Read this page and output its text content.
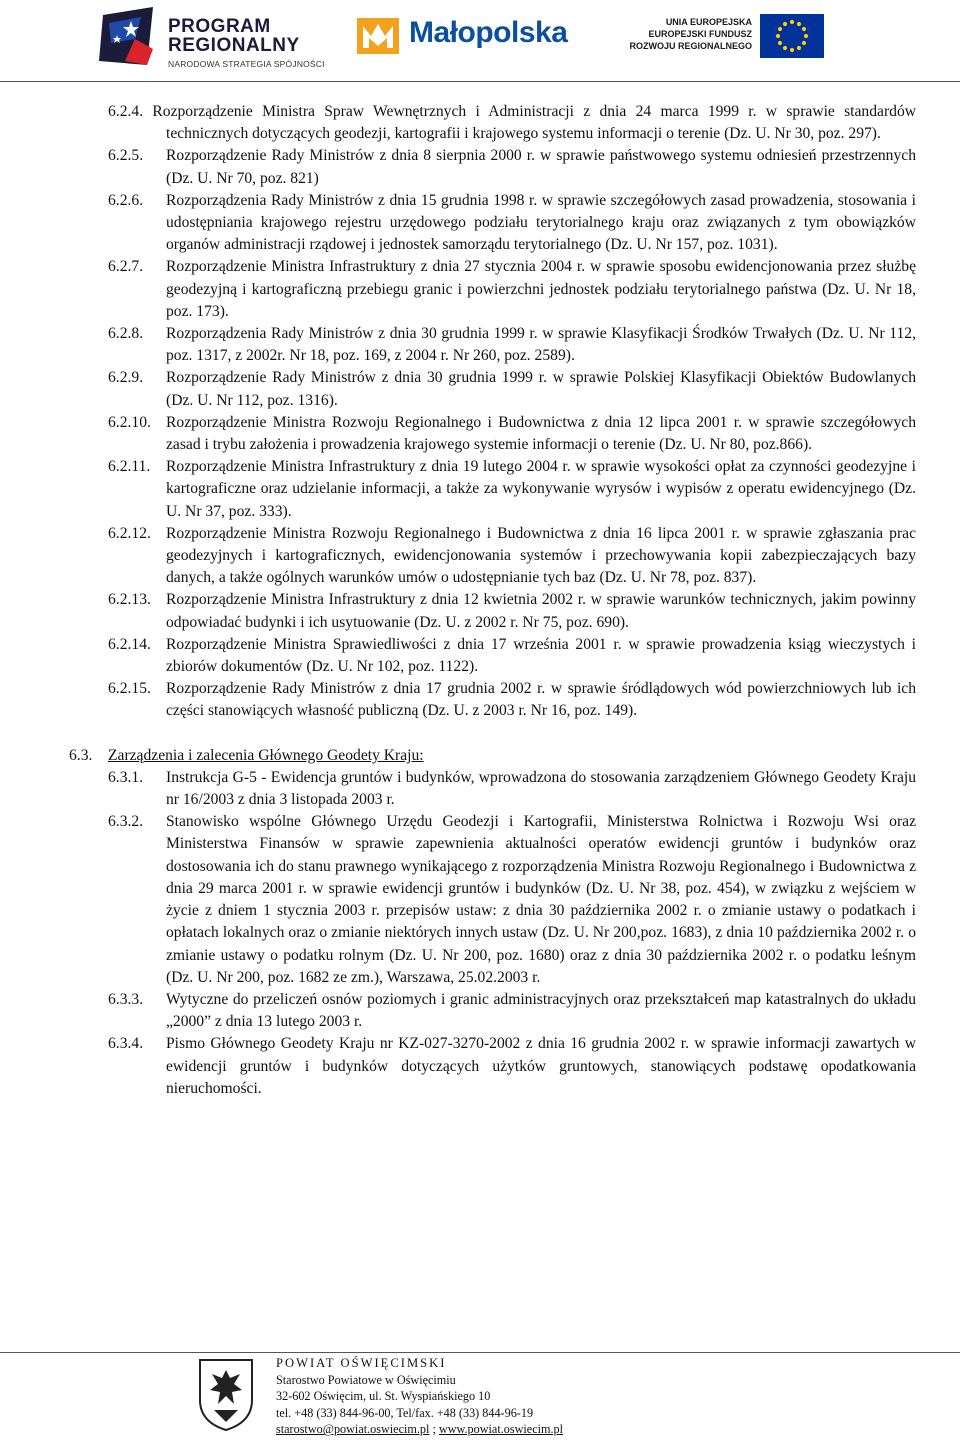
PROGRAM
REGIONALNY
NARODOWA STRATEGIA SPÓJNOŚCI
Małopolska	UNIA EUROPEJSKA
EUROPEJSKI FUNDUSZ
ROZWOJU REGIONALNEGO
6.2.4. Rozporządzenie Ministra Spraw Wewnętrznych i Administracji z dnia 24 marca 1999 r. w sprawie standardów technicznych dotyczących geodezji, kartografii i krajowego systemu informacji o terenie (Dz. U. Nr 30, poz. 297).
6.2.5. Rozporządzenie Rady Ministrów z dnia 8 sierpnia 2000 r. w sprawie państwowego systemu odniesień przestrzennych (Dz. U. Nr 70, poz. 821)
6.2.6. Rozporządzenia Rady Ministrów z dnia 15 grudnia 1998 r. w sprawie szczegółowych zasad prowadzenia, stosowania i udostępniania krajowego rejestru urzędowego podziału terytorialnego kraju oraz związanych z tym obowiązków organów administracji rządowej i jednostek samorządu terytorialnego (Dz. U. Nr 157, poz. 1031).
6.2.7. Rozporządzenie Ministra Infrastruktury z dnia 27 stycznia 2004 r. w sprawie sposobu ewidencjonowania przez służbę geodezyjną i kartograficzną przebiegu granic i powierzchni jednostek podziału terytorialnego państwa (Dz. U. Nr 18, poz. 173).
6.2.8. Rozporządzenia Rady Ministrów z dnia 30 grudnia 1999 r. w sprawie Klasyfikacji Środków Trwałych (Dz. U. Nr 112, poz. 1317, z 2002r. Nr 18, poz. 169, z 2004 r. Nr 260, poz. 2589).
6.2.9. Rozporządzenie Rady Ministrów z dnia 30 grudnia 1999 r. w sprawie Polskiej Klasyfikacji Obiektów Budowlanych (Dz. U. Nr 112, poz. 1316).
6.2.10. Rozporządzenie Ministra Rozwoju Regionalnego i Budownictwa z dnia 12 lipca 2001 r. w sprawie szczegółowych zasad i trybu założenia i prowadzenia krajowego systemie informacji o terenie (Dz. U. Nr 80, poz.866).
6.2.11. Rozporządzenie Ministra Infrastruktury z dnia 19 lutego 2004 r. w sprawie wysokości opłat za czynności geodezyjne i kartograficzne oraz udzielanie informacji, a także za wykonywanie wyrysów i wypisów z operatu ewidencyjnego (Dz. U. Nr 37, poz. 333).
6.2.12. Rozporządzenie Ministra Rozwoju Regionalnego i Budownictwa z dnia 16 lipca 2001 r. w sprawie zgłaszania prac geodezyjnych i kartograficznych, ewidencjonowania systemów i przechowywania kopii zabezpieczających bazy danych, a także ogólnych warunków umów o udostępnianie tych baz (Dz. U. Nr 78, poz. 837).
6.2.13. Rozporządzenie Ministra Infrastruktury z dnia 12 kwietnia 2002 r. w sprawie warunków technicznych, jakim powinny odpowiadać budynki i ich usytuowanie (Dz. U. z 2002 r. Nr 75, poz. 690).
6.2.14. Rozporządzenie Ministra Sprawiedliwości z dnia 17 września 2001 r. w sprawie prowadzenia ksiąg wieczystych i zbiorów dokumentów (Dz. U. Nr 102, poz. 1122).
6.2.15. Rozporządzenie Rady Ministrów z dnia 17 grudnia 2002 r. w sprawie śródlądowych wód powierzchniowych lub ich części stanowiących własność publiczną (Dz. U. z 2003 r. Nr 16, poz. 149).
6.3. Zarządzenia i zalecenia Głównego Geodety Kraju:
6.3.1. Instrukcja G-5 - Ewidencja gruntów i budynków, wprowadzona do stosowania zarządzeniem Głównego Geodety Kraju nr 16/2003 z dnia 3 listopada 2003 r.
6.3.2. Stanowisko wspólne Głównego Urzędu Geodezji i Kartografii, Ministerstwa Rolnictwa i Rozwoju Wsi oraz Ministerstwa Finansów w sprawie zapewnienia aktualności operatów ewidencji gruntów i budynków oraz dostosowania ich do stanu prawnego wynikającego z rozporządzenia Ministra Rozwoju Regionalnego i Budownictwa z dnia 29 marca 2001 r. w sprawie ewidencji gruntów i budynków (Dz. U. Nr 38, poz. 454), w związku z wejściem w życie z dniem 1 stycznia 2003 r. przepisów ustaw: z dnia 30 października 2002 r. o zmianie ustawy o podatkach i opłatach lokalnych oraz o zmianie niektórych innych ustaw (Dz. U. Nr 200,poz. 1683), z dnia 10 października 2002 r. o zmianie ustawy o podatku rolnym (Dz. U. Nr 200, poz. 1680) oraz z dnia 30 października 2002 r. o podatku leśnym (Dz. U. Nr 200, poz. 1682 ze zm.), Warszawa, 25.02.2003 r.
6.3.3. Wytyczne do przeliczeń osnów poziomych i granic administracyjnych oraz przekształceń map katastralnych do układu „2000” z dnia 13 lutego 2003 r.
6.3.4. Pismo Głównego Geodety Kraju nr KZ-027-3270-2002 z dnia 16 grudnia 2002 r. w sprawie informacji zawartych w ewidencji gruntów i budynków dotyczących użytków gruntowych, stanowiących podstawę opodatkowania nieruchomości.
POWIAT OŚWIĘCIMSKI
Starostwo Powiatowe w Oświęcimiu
32-602 Oświęcim, ul. St. Wyspiańskiego 10
tel. +48 (33) 844-96-00, Tel/fax. +48 (33) 844-96-19
starostwo@powiat.oswiecim.pl ; www.powiat.oswiecim.pl
